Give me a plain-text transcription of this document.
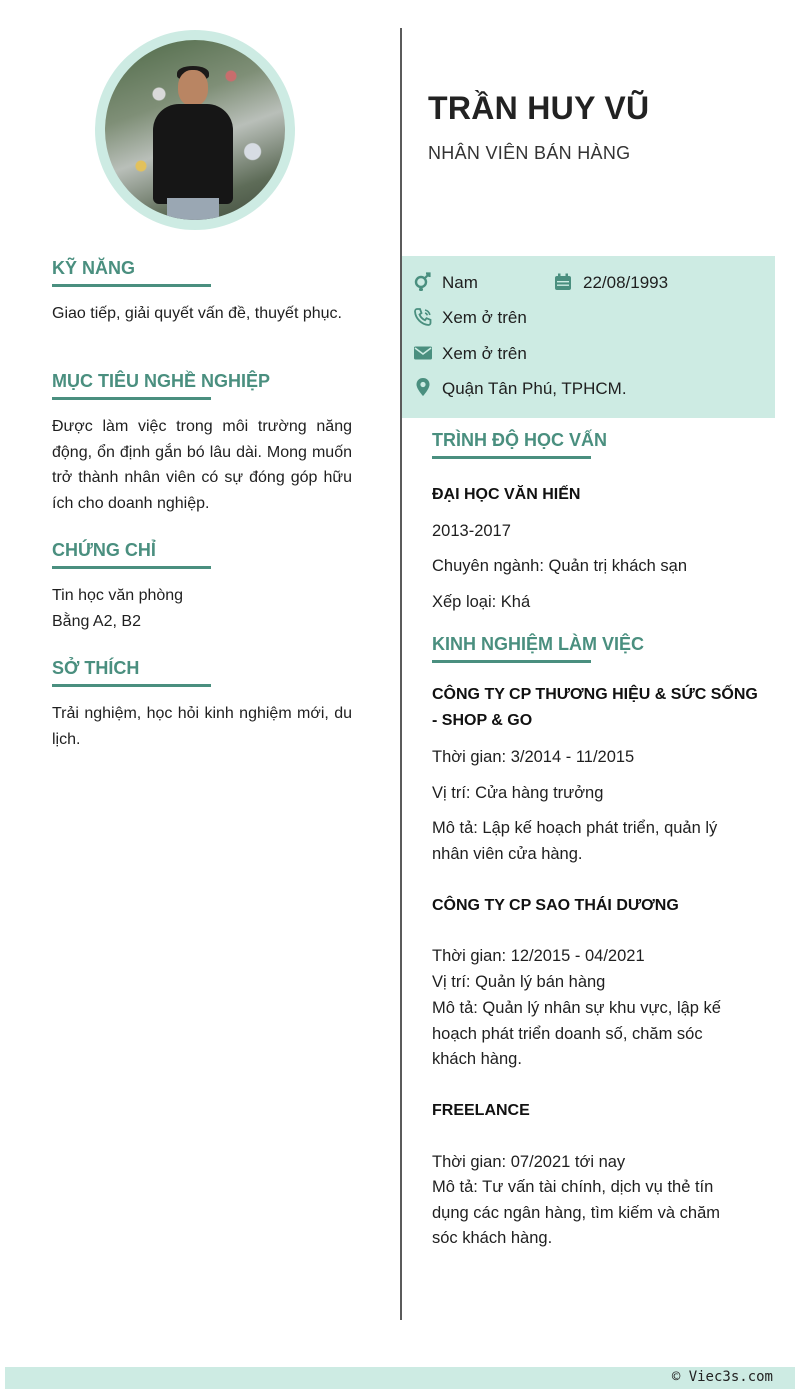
KỸ NĂNG
Giao tiếp, giải quyết vấn đề, thuyết phục.
MỤC TIÊU NGHỀ NGHIỆP
Được làm việc trong môi trường năng động, ổn định gắn bó lâu dài. Mong muốn trở thành nhân viên có sự đóng góp hữu ích cho doanh nghiệp.
CHỨNG CHỈ
Tin học văn phòng
Bằng A2, B2
SỞ THÍCH
Trải nghiệm, học hỏi kinh nghiệm mới, du lịch.
TRẦN HUY VŨ
NHÂN VIÊN BÁN HÀNG
Nam	22/08/1993
Xem ở trên
Xem ở trên
Quận Tân Phú, TPHCM.
TRÌNH ĐỘ HỌC VẤN
ĐẠI HỌC VĂN HIẾN
2013-2017
Chuyên ngành: Quản trị khách sạn
Xếp loại: Khá
KINH NGHIỆM LÀM VIỆC
CÔNG TY CP THƯƠNG HIỆU & SỨC SỐNG - SHOP & GO
Thời gian: 3/2014 - 11/2015
Vị trí: Cửa hàng trưởng
Mô tả: Lập kế hoạch phát triển, quản lý nhân viên cửa hàng.
CÔNG TY CP SAO THÁI DƯƠNG
Thời gian: 12/2015 - 04/2021
Vị trí: Quản lý bán hàng
Mô tả: Quản lý nhân sự khu vực, lập kế hoạch phát triển doanh số, chăm sóc khách hàng.
FREELANCE
Thời gian: 07/2021 tới nay
Mô tả: Tư vấn tài chính, dịch vụ thẻ tín dụng các ngân hàng, tìm kiếm và chăm sóc khách hàng.
© Viec3s.com
